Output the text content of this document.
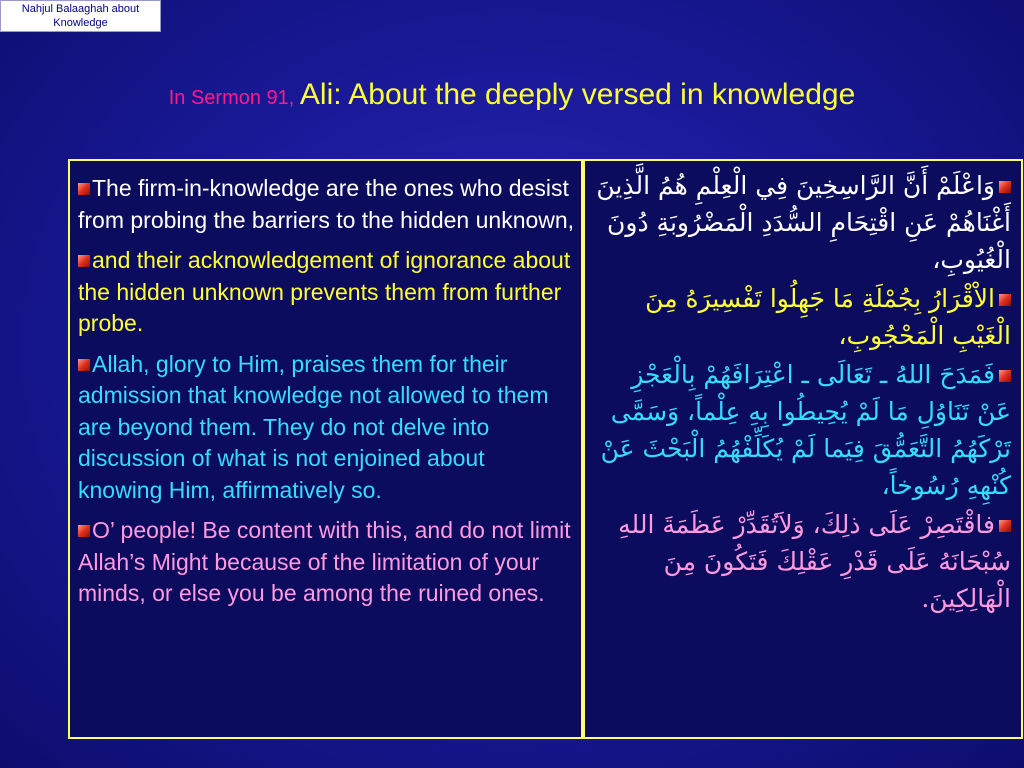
Nahjul Balaaghah about Knowledge
In Sermon 91, Ali: About the deeply versed in knowledge

The firm-in-knowledge are the ones who desist from probing the barriers to the hidden unknown,

and their acknowledgement of ignorance about the hidden unknown prevents them from further probe.

Allah, glory to Him, praises them for their admission that knowledge not allowed to them are beyond them. They do not delve into discussion of what is not enjoined about knowing Him, affirmatively so.

O’ people! Be content with this, and do not limit Allah’s Might because of the limitation of your minds, or else you be among the ruined ones.

وَاعْلَمْ أَنَّ الرَّاسِخِينَ فِي الْعِلْمِ هُمُ الَّذِينَ أَغْنَاهُمْ عَنِ اقْتِحَامِ السُّدَدِ الْمَضْرُوبَةِ دُونَ الْغُيُوبِ،

الاْقْرَارُ بِجُمْلَةِ مَا جَهِلُوا تَفْسِيرَهُ مِنَ الْغَيْبِ الْمَحْجُوبِ،

فَمَدَحَ اللهُ ـ تَعَالَى ـ اعْتِرَافَهُمْ بِالْعَجْزِ عَنْ تَنَاوُلِ مَا لَمْ يُحِيطُوا بِهِ عِلْماً، وَسَمَّى تَرْكَهُمُ التَّعَمُّقَ فِيَما لَمْ يُكَلِّفْهُمُ الْبَحْثَ عَنْ كُنْهِهِ رُسُوخاً،

فاقْتَصِرْ عَلَى ذلِكَ، وَلاَتُقَدِّرْ عَظَمَةَ اللهِ سُبْحَانَهُ عَلَى قَدْرِ عَقْلِكَ فَتَكُونَ مِنَ الْهَالِكِينَ.
